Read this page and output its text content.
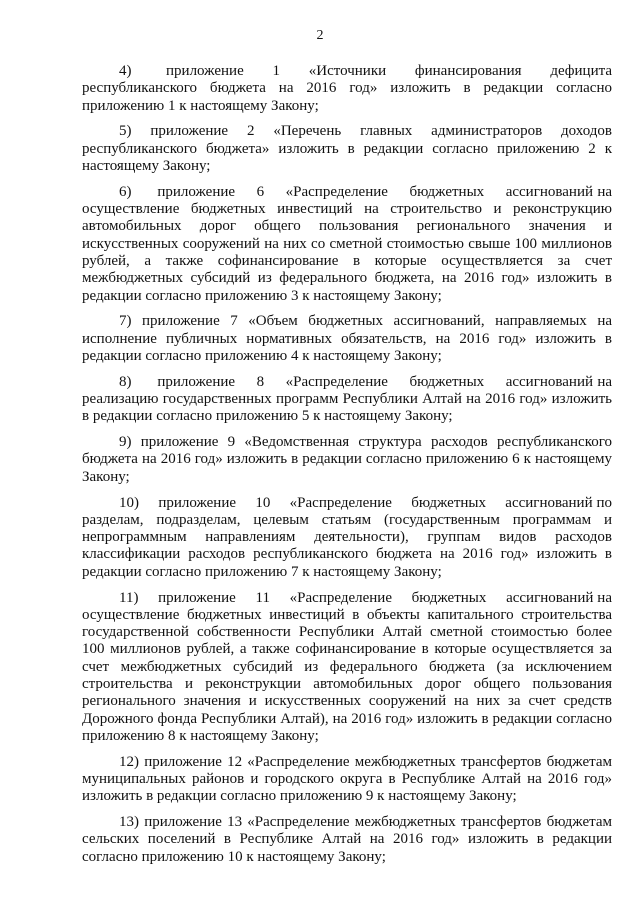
2

4)      приложение     1     «Источники     финансирования     дефицита республиканского бюджета на 2016 год» изложить в редакции согласно приложению 1 к настоящему Закону;

5) приложение 2 «Перечень главных администраторов доходов республиканского бюджета» изложить в редакции согласно приложению 2 к настоящему Закону;

6)      приложение     6     «Распределение     бюджетных     ассигнований на осуществление бюджетных инвестиций на строительство и реконструкцию автомобильных дорог общего пользования регионального значения и искусственных сооружений на них со сметной стоимостью свыше 100 миллионов рублей, а также софинансирование в которые осуществляется за счет межбюджетных субсидий из федерального бюджета, на 2016 год» изложить в редакции согласно приложению 3 к настоящему Закону;

7) приложение 7 «Объем бюджетных ассигнований, направляемых на исполнение публичных нормативных обязательств, на 2016 год» изложить в редакции согласно приложению 4 к настоящему Закону;

8)      приложение     8     «Распределение     бюджетных     ассигнований на реализацию государственных программ Республики Алтай на 2016 год» изложить в редакции согласно приложению 5 к настоящему Закону;

9) приложение 9 «Ведомственная структура расходов республиканского бюджета на 2016 год» изложить в редакции согласно приложению 6 к настоящему Закону;

10)     приложение     10     «Распределение     бюджетных     ассигнований по разделам, подразделам, целевым статьям (государственным программам и непрограммным направлениям деятельности), группам видов расходов классификации расходов республиканского бюджета на 2016 год» изложить в редакции согласно приложению 7 к настоящему Закону;

11)     приложение     11     «Распределение     бюджетных     ассигнований на осуществление бюджетных инвестиций в объекты капитального строительства государственной собственности Республики Алтай сметной стоимостью более 100 миллионов рублей, а также софинансирование в которые осуществляется за счет межбюджетных субсидий из федерального бюджета (за исключением строительства и реконструкции автомобильных дорог общего пользования регионального значения и искусственных сооружений на них за счет средств Дорожного фонда Республики Алтай), на 2016 год» изложить в редакции согласно приложению 8 к настоящему Закону;

12) приложение 12 «Распределение межбюджетных трансфертов бюджетам муниципальных районов и городского округа в Республике Алтай на 2016 год» изложить в редакции согласно приложению 9 к настоящему Закону;

13) приложение 13 «Распределение межбюджетных трансфертов бюджетам сельских поселений в Республике Алтай на 2016 год» изложить в редакции согласно приложению 10 к настоящему Закону;
